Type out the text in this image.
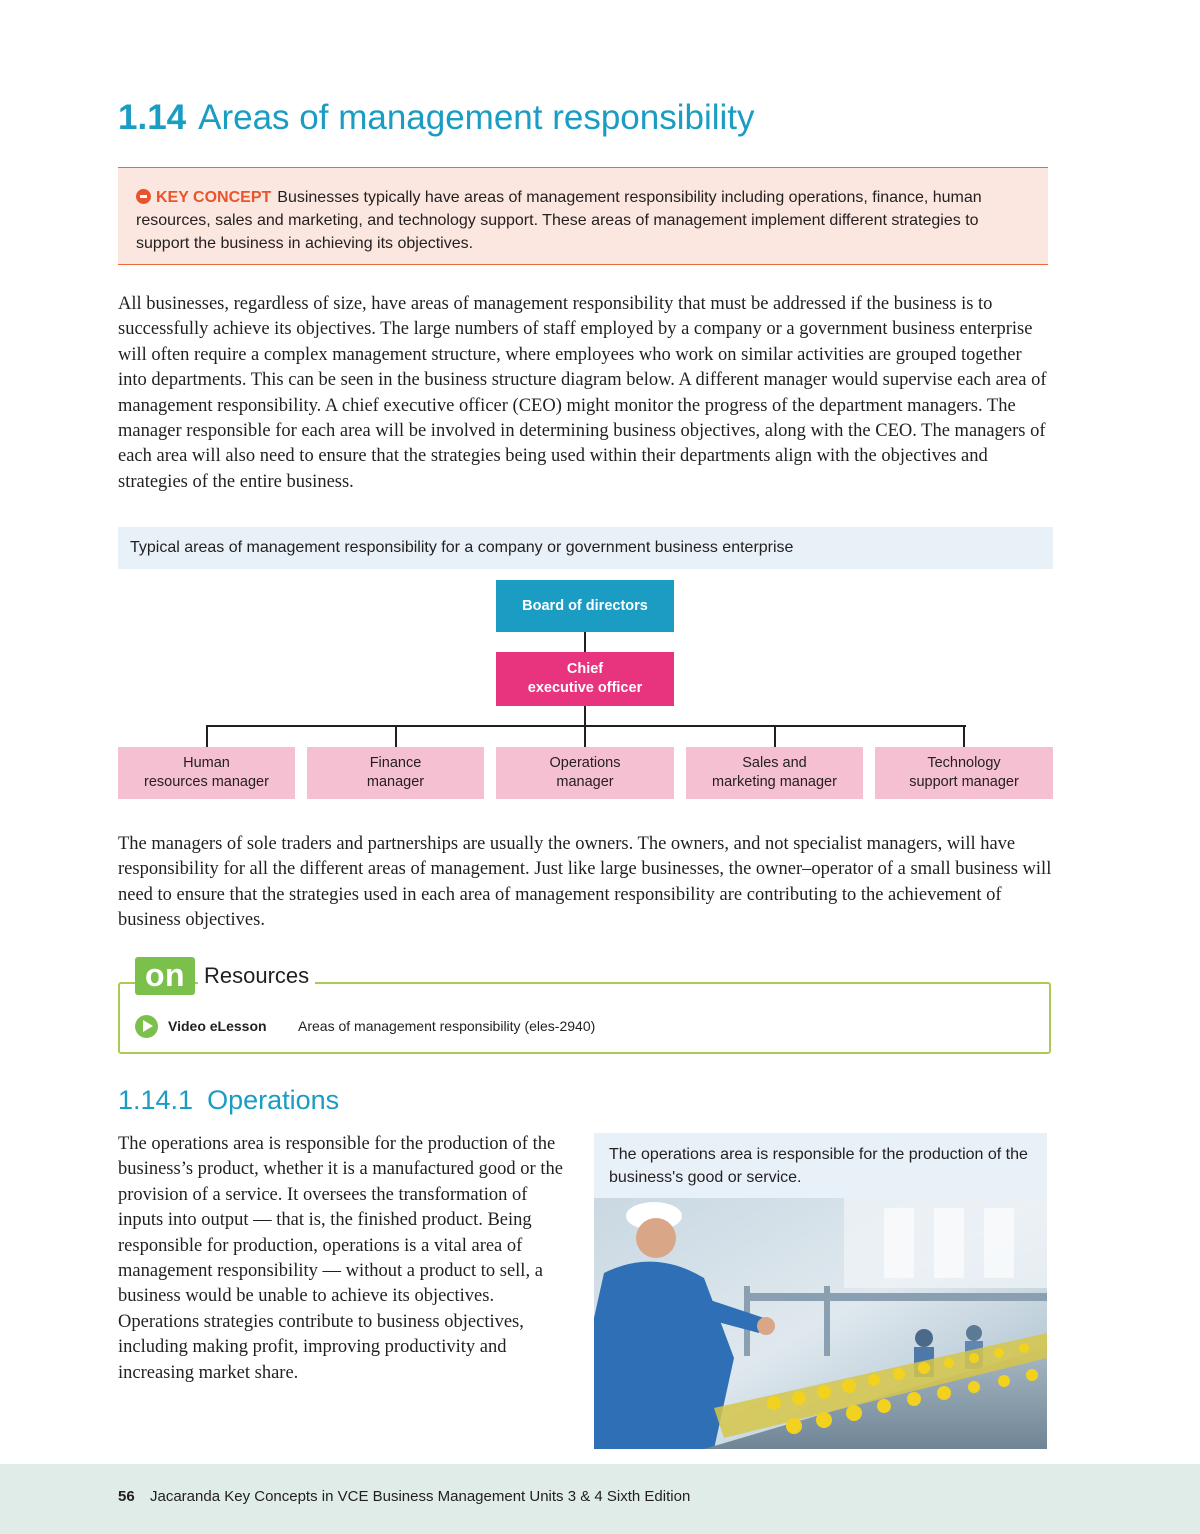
1.14 Areas of management responsibility
KEY CONCEPT Businesses typically have areas of management responsibility including operations, finance, human resources, sales and marketing, and technology support. These areas of management implement different strategies to support the business in achieving its objectives.
All businesses, regardless of size, have areas of management responsibility that must be addressed if the business is to successfully achieve its objectives. The large numbers of staff employed by a company or a government business enterprise will often require a complex management structure, where employees who work on similar activities are grouped together into departments. This can be seen in the business structure diagram below. A different manager would supervise each area of management responsibility. A chief executive officer (CEO) might monitor the progress of the department managers. The manager responsible for each area will be involved in determining business objectives, along with the CEO. The managers of each area will also need to ensure that the strategies being used within their departments align with the objectives and strategies of the entire business.
Typical areas of management responsibility for a company or government business enterprise
Board of directors
Chief
executive officer
Human
resources manager
Finance
manager
Operations
manager
Sales and
marketing manager
Technology
support manager
The managers of sole traders and partnerships are usually the owners. The owners, and not specialist managers, will have responsibility for all the different areas of management. Just like large businesses, the owner–operator of a small business will need to ensure that the strategies used in each area of management responsibility are contributing to the achievement of business objectives.
on Resources
Video eLesson Areas of management responsibility (eles-2940)
1.14.1 Operations
The operations area is responsible for the production of the business’s product, whether it is a manufactured good or the provision of a service. It oversees the transformation of inputs into output — that is, the finished product. Being responsible for production, operations is a vital area of management responsibility — without a product to sell, a business would be unable to achieve its objectives. Operations strategies contribute to business objectives, including making profit, improving productivity and increasing market share.
The operations area is responsible for the production of the business's good or service.
56 Jacaranda Key Concepts in VCE Business Management Units 3 & 4 Sixth Edition
